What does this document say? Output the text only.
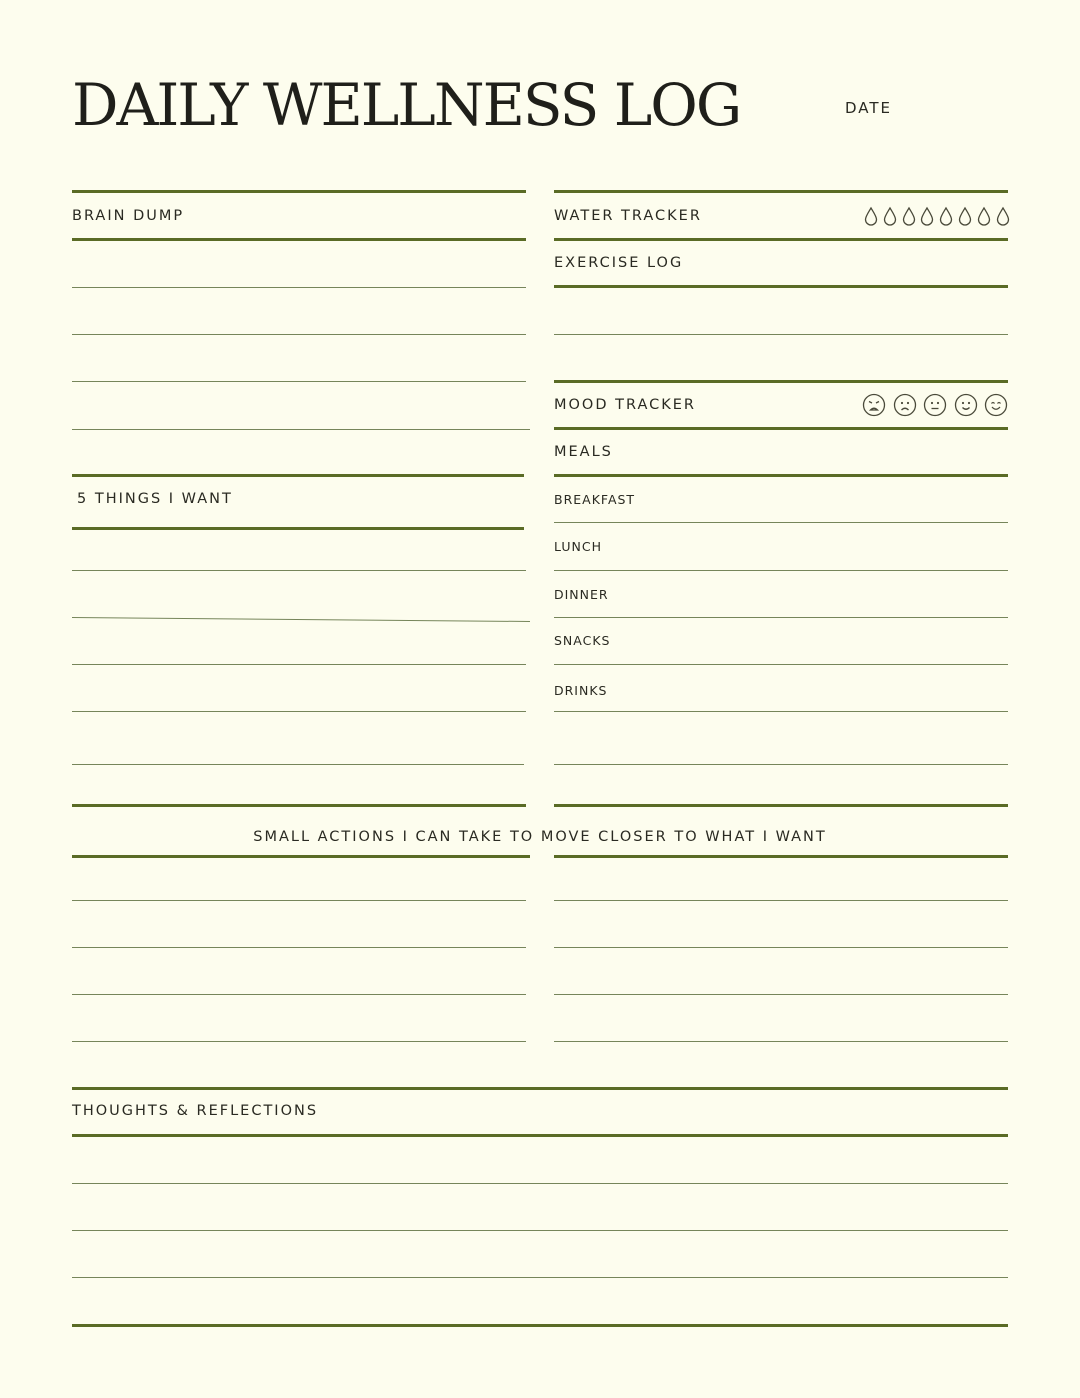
DAILY WELLNESS LOG	DATE
BRAIN DUMP
5 THINGS I WANT
WATER TRACKER
EXERCISE LOG
MOOD TRACKER
MEALS
BREAKFAST
LUNCH
DINNER
SNACKS
DRINKS
SMALL ACTIONS I CAN TAKE TO MOVE CLOSER TO WHAT I WANT
THOUGHTS & REFLECTIONS
